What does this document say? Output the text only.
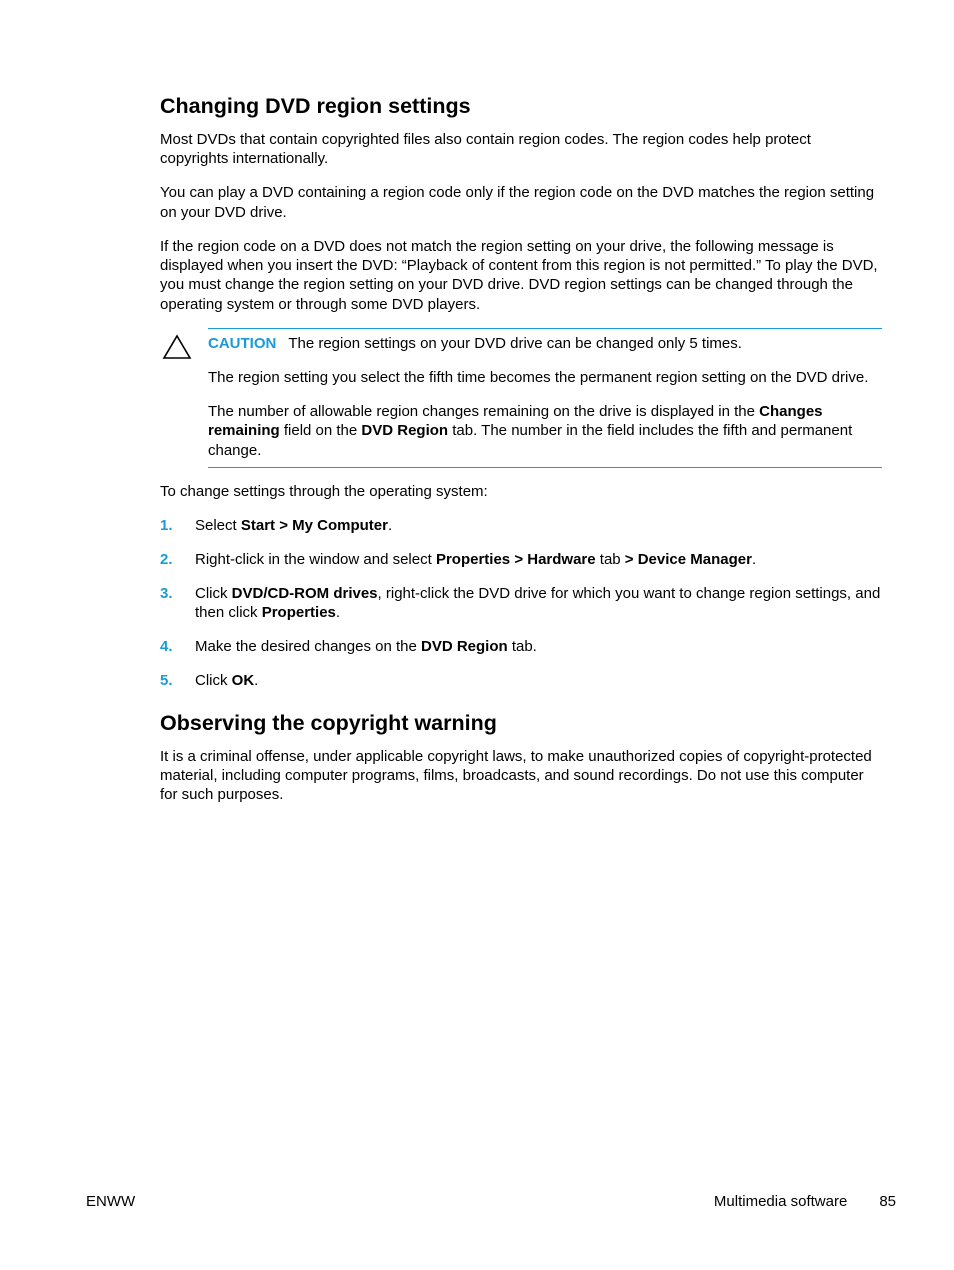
Changing DVD region settings

Most DVDs that contain copyrighted files also contain region codes. The region codes help protect copyrights internationally.

You can play a DVD containing a region code only if the region code on the DVD matches the region setting on your DVD drive.

If the region code on a DVD does not match the region setting on your drive, the following message is displayed when you insert the DVD: “Playback of content from this region is not permitted.” To play the DVD, you must change the region setting on your DVD drive. DVD region settings can be changed through the operating system or through some DVD players.

CAUTION The region settings on your DVD drive can be changed only 5 times.

The region setting you select the fifth time becomes the permanent region setting on the DVD drive.

The number of allowable region changes remaining on the drive is displayed in the Changes remaining field on the DVD Region tab. The number in the field includes the fifth and permanent change.

To change settings through the operating system:

1. Select Start > My Computer.
2. Right-click in the window and select Properties > Hardware tab > Device Manager.
3. Click DVD/CD-ROM drives, right-click the DVD drive for which you want to change region settings, and then click Properties.
4. Make the desired changes on the DVD Region tab.
5. Click OK.
Observing the copyright warning

It is a criminal offense, under applicable copyright laws, to make unauthorized copies of copyright-protected material, including computer programs, films, broadcasts, and sound recordings. Do not use this computer for such purposes.

ENWW	Multimedia software 85
